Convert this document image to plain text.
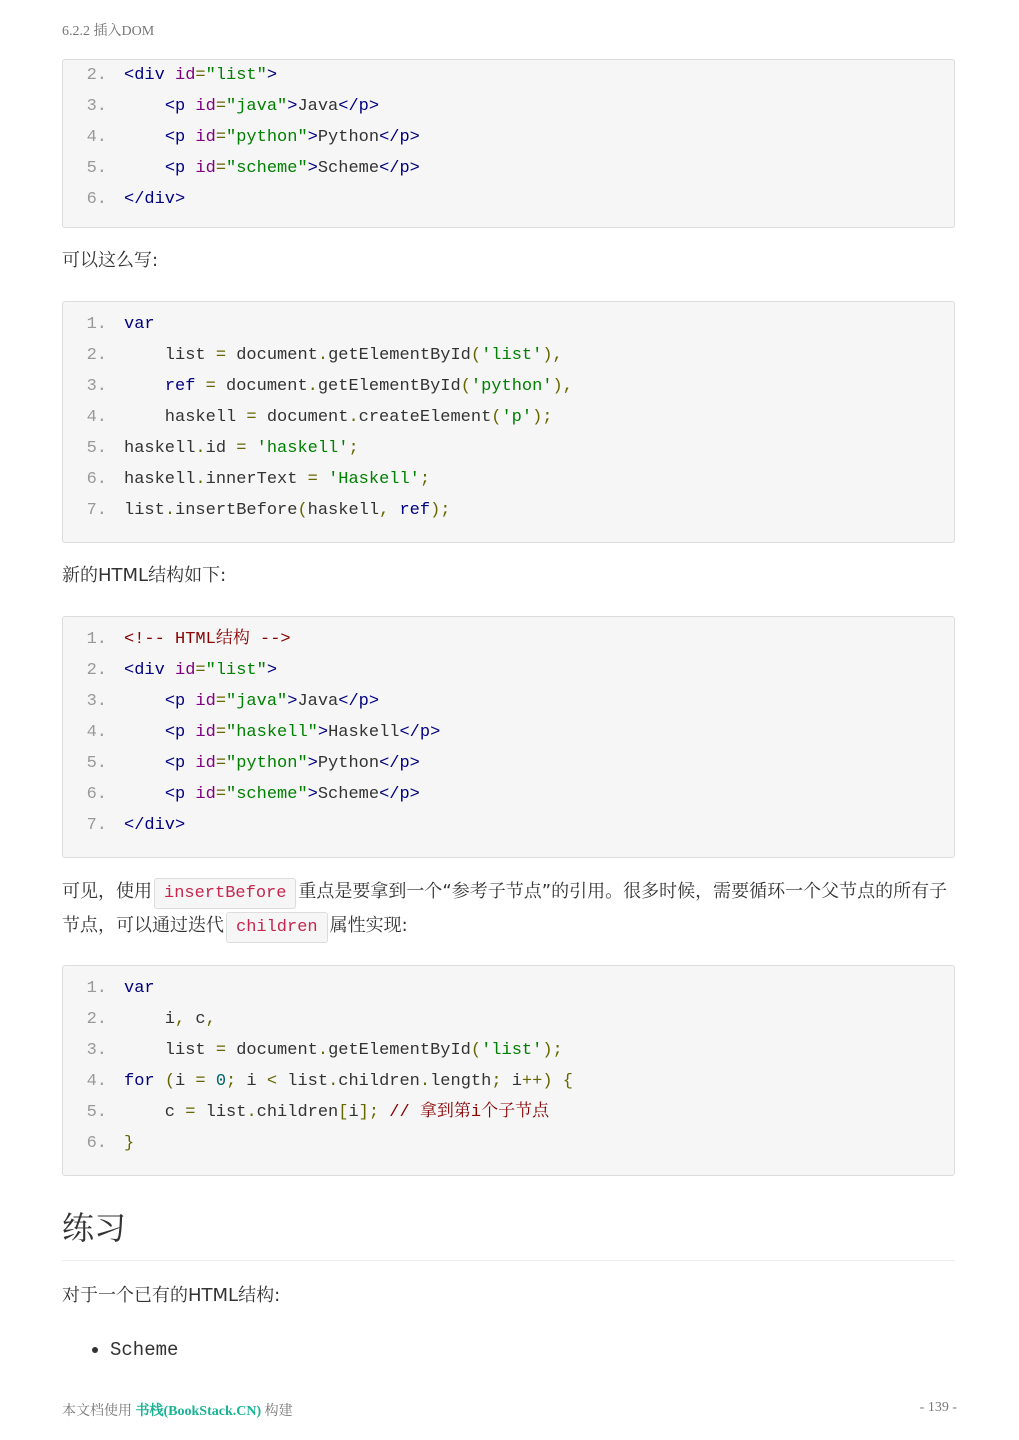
6.2.2 插入DOM
2. <div id="list">
3.	<p id="java">Java</p>
4.	<p id="python">Python</p>
5.	<p id="scheme">Scheme</p>
6. </div>
可以这么写:
1. var
2.    list = document.getElementById('list'),
3.	ref = document.getElementById('python'),
4.    haskell = document.createElement('p');
5. haskell.id = 'haskell';
6. haskell.innerText = 'Haskell';
7. list.insertBefore(haskell, ref);
新的HTML结构如下:
1. <!-- HTML结构 -->
2. <div id="list">
3.	<p id="java">Java</p>
4.	<p id="haskell">Haskell</p>
5.	<p id="python">Python</p>
6.	<p id="scheme">Scheme</p>
7. </div>
可见，使用 insertBefore 重点是要拿到一个“参考子节点”的引用。很多时候，需要循环一个父节点的所有子节点，可以通过迭代 children 属性实现:
1. var
2.    i, c,
3.    list = document.getElementById('list');
4. for (i = 0; i < list.children.length; i++) {
5.    c = list.children[i]; // 拿到第i个子节点
6. }
练习
对于一个已有的HTML结构:
Scheme
本文档使用 书栈(BookStack.CN) 构建	- 139 -
